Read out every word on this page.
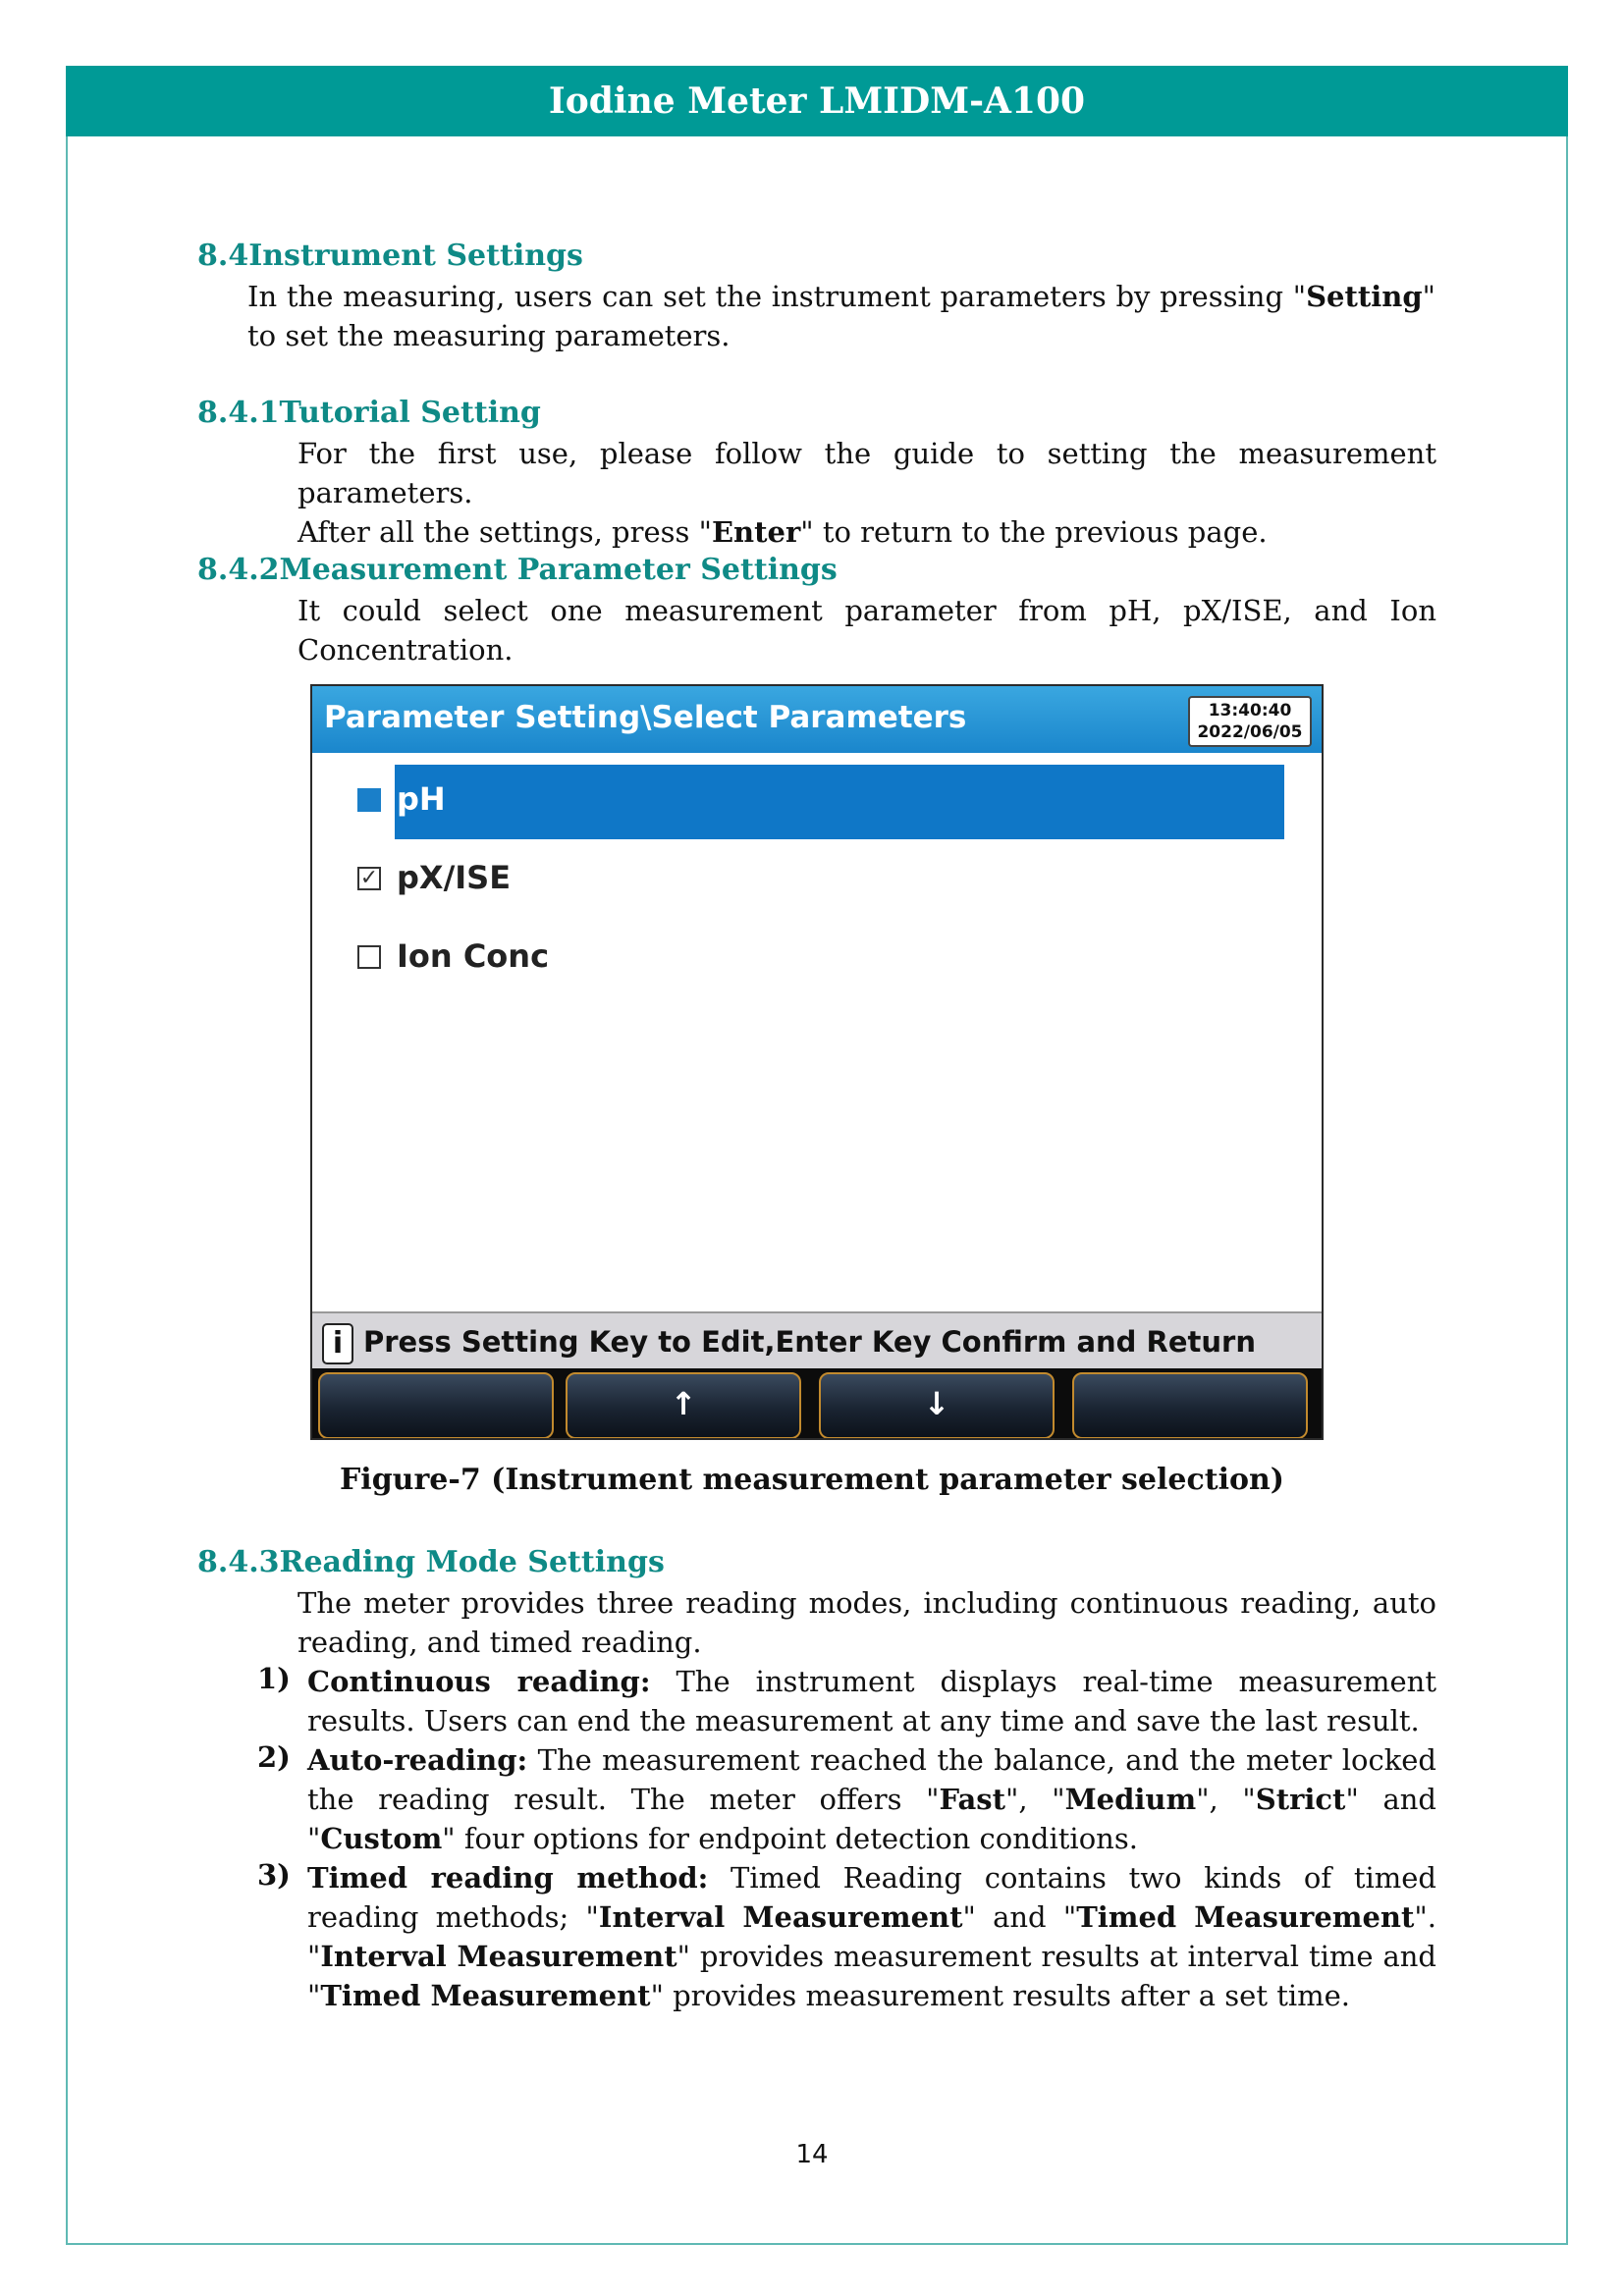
Iodine Meter LMIDM-A100
8.4Instrument Settings
In the measuring, users can set the instrument parameters by pressing "Setting" to set the measuring parameters.
8.4.1Tutorial Setting
For the first use, please follow the guide to setting the measurement parameters.
After all the settings, press "Enter" to return to the previous page.
8.4.2Measurement Parameter Settings
It could select one measurement parameter from pH, pX/ISE, and Ion Concentration.
Parameter Setting\Select Parameters	13:40:40
2022/06/05
pH
✓ pX/ISE
Ion Conc
i Press Setting Key to Edit,Enter Key Confirm and Return
↑	↓
Figure-7 (Instrument measurement parameter selection)
8.4.3Reading Mode Settings
The meter provides three reading modes, including continuous reading, auto reading, and timed reading.
1) Continuous reading: The instrument displays real-time measurement results. Users can end the measurement at any time and save the last result.
2) Auto-reading: The measurement reached the balance, and the meter locked the reading result. The meter offers "Fast", "Medium", "Strict" and "Custom" four options for endpoint detection conditions.
3) Timed reading method: Timed Reading contains two kinds of timed reading methods; "Interval Measurement" and "Timed Measurement". "Interval Measurement" provides measurement results at interval time and "Timed Measurement" provides measurement results after a set time.
14
